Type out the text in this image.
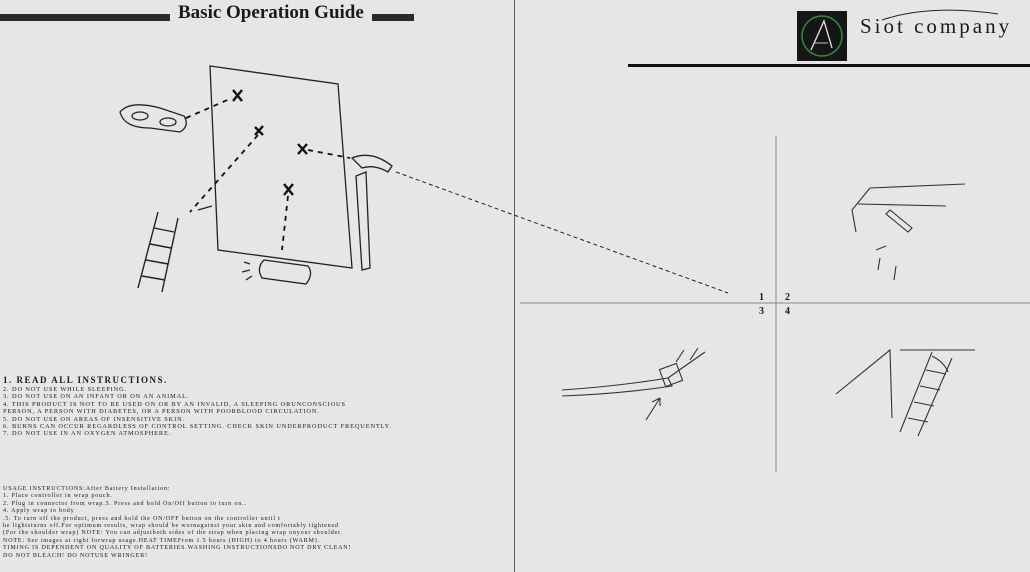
Basic Operation Guide
Siot company
1 2
3 4
1. READ ALL INSTRUCTIONS.
2. DO NOT USE WHILE SLEEPING.
3. DO NOT USE ON AN INFANT OR ON AN ANIMAL.
4. THIS PRODUCT IS NOT TO BE USED ON OR BY AN INVALID, A SLEEPING ORUNCONSCIOUS
PERSON, A PERSON WITH DIABETES, OR A PERSON WITH POORBLOOD CIRCULATION.
5. DO NOT USE ON AREAS OF INSENSITIVE SKIN.
6. BURNS CAN OCCUR REGARDLESS OF CONTROL SETTING. CHECK SKIN UNDERPRODUCT FREQUENTLY.
7. DO NOT USE IN AN OXYGEN ATMOSPHERE.
USAGE INSTRUCTIONS:After Battery Installation:
1. Place controller in wrap pouch.
2. Plug in connector from wrap.3. Press and hold On/Off button to turn on..
4. Apply wrap to body
.5. To turn off the product, press and hold the ON/OFF button on the controller until t
he lightsturns off.For optimum results, wrap should be wornagainst your skin and comfortably tightened
(For the shoulder wrap) NOTE: You can adjustboth sides of the strap when placing wrap onyour shoulder.
NOTE: See images at right forwrap usage.HEAT TIMEFrom 1.5 hours (HIGH) to 4 hours (WARM).
TIMING IS DEPENDENT ON QUALITY OF BATTERIES.WASHING INSTRUCTIONSDO NOT DRY CLEAN!
DO NOT BLEACH! DO NOTUSE WRINGER!
